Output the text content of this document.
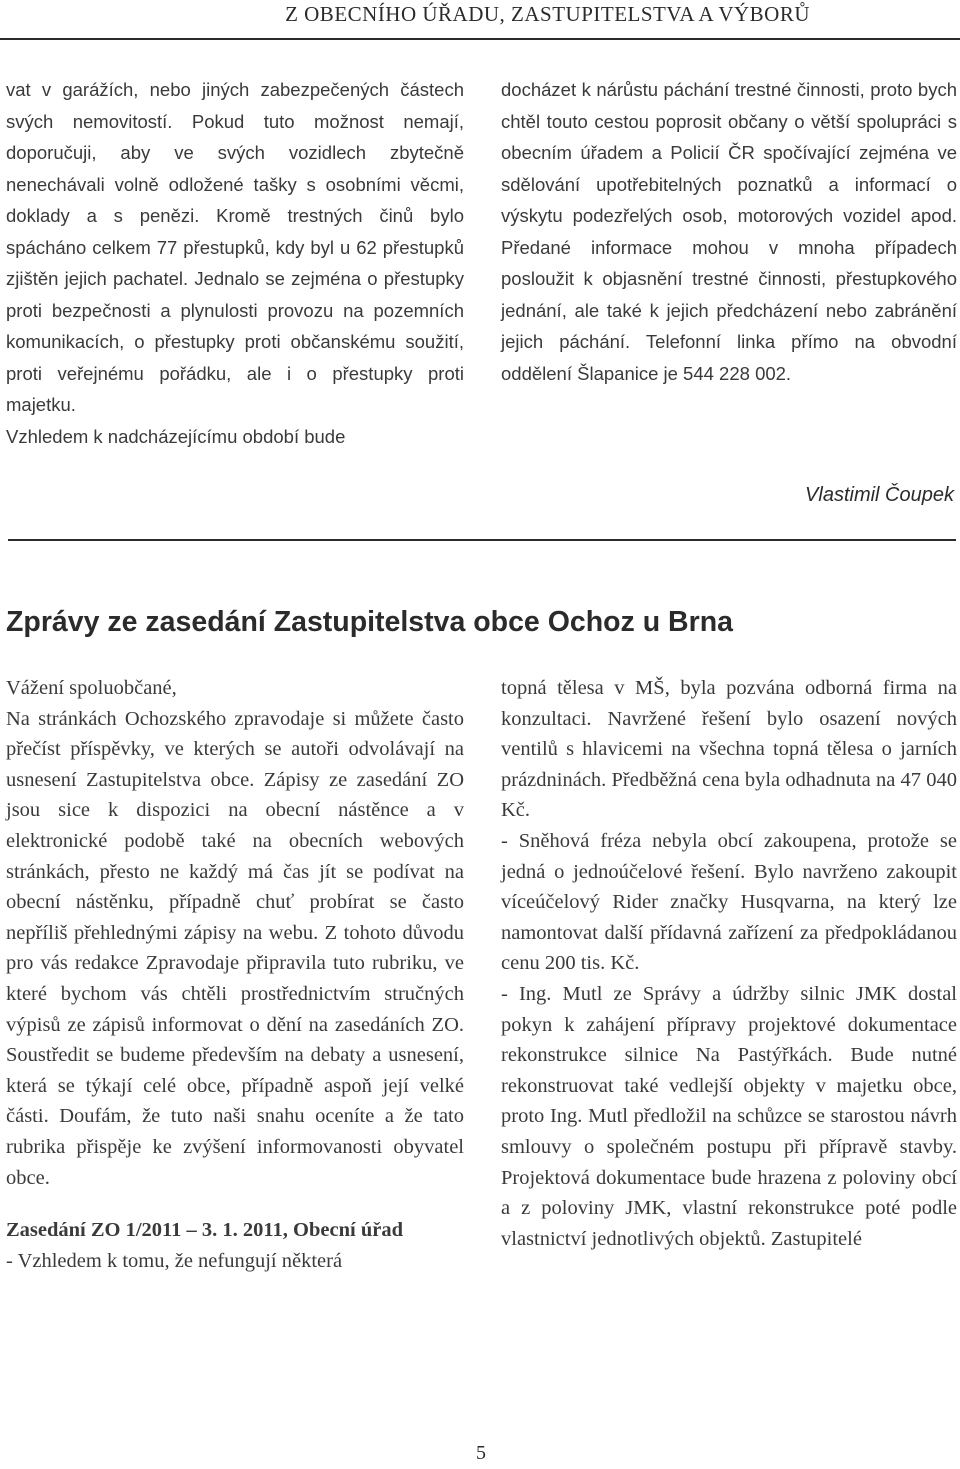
Z OBECNÍHO ÚŘADU, ZASTUPITELSTVA A VÝBORŮ

vat v garážích, nebo jiných zabezpečených částech svých nemovitostí. Pokud tuto možnost nemají, doporučuji, aby ve svých vozidlech zbytečně nenechávali volně odložené tašky s osobními věcmi, doklady a s penězi. Kromě trestných činů bylo spácháno celkem 77 přestupků, kdy byl u 62 přestupků zjištěn jejich pachatel. Jednalo se zejména o přestupky proti bezpečnosti a plynulosti provozu na pozemních komunikacích, o přestupky proti občanskému soužití, proti veřejnému pořádku, ale i o přestupky proti majetku.

Vzhledem k nadcházejícímu období bude

docházet k nárůstu páchání trestné činnosti, proto bych chtěl touto cestou poprosit občany o větší spolupráci s obecním úřadem a Policií ČR spočívající zejména ve sdělování upotřebitelných poznatků a informací o výskytu podezřelých osob, motorových vozidel apod. Předané informace mohou v mnoha případech posloužit k objasnění trestné činnosti, přestupkového jednání, ale také k jejich předcházení nebo zabránění jejich páchání. Telefonní linka přímo na obvodní oddělení Šlapanice je 544 228 002.

Vlastimil Čoupek
Zprávy ze zasedání Zastupitelstva obce Ochoz u Brna

Vážení spoluobčané,

Na stránkách Ochozského zpravodaje si můžete často přečíst příspěvky, ve kterých se autoři odvolávají na usnesení Zastupitelstva obce. Zápisy ze zasedání ZO jsou sice k dispozici na obecní nástěnce a v elektronické podobě také na obecních webových stránkách, přesto ne každý má čas jít se podívat na obecní nástěnku, případně chuť probírat se často nepříliš přehlednými zápisy na webu. Z tohoto důvodu pro vás redakce Zpravodaje připravila tuto rubriku, ve které bychom vás chtěli prostřednictvím stručných výpisů ze zápisů informovat o dění na zasedáních ZO. Soustředit se budeme především na debaty a usnesení, která se týkají celé obce, případně aspoň její velké části. Doufám, že tuto naši snahu oceníte a že tato rubrika přispěje ke zvýšení informovanosti obyvatel obce.

Zasedání ZO 1/2011 – 3. 1. 2011, Obecní úřad

- Vzhledem k tomu, že nefungují některá

topná tělesa v MŠ, byla pozvána odborná firma na konzultaci. Navržené řešení bylo osazení nových ventilů s hlavicemi na všechna topná tělesa o jarních prázdninách. Předběžná cena byla odhadnuta na 47 040 Kč.

- Sněhová fréza nebyla obcí zakoupena, protože se jedná o jednoúčelové řešení. Bylo navrženo zakoupit víceúčelový Rider značky Husqvarna, na který lze namontovat další přídavná zařízení za předpokládanou cenu 200 tis. Kč.

- Ing. Mutl ze Správy a údržby silnic JMK dostal pokyn k zahájení přípravy projektové dokumentace rekonstrukce silnice Na Pastýřkách. Bude nutné rekonstruovat také vedlejší objekty v majetku obce, proto Ing. Mutl předložil na schůzce se starostou návrh smlouvy o společném postupu při přípravě stavby. Projektová dokumentace bude hrazena z poloviny obcí a z poloviny JMK, vlastní rekonstrukce poté podle vlastnictví jednotlivých objektů. Zastupitelé

5
